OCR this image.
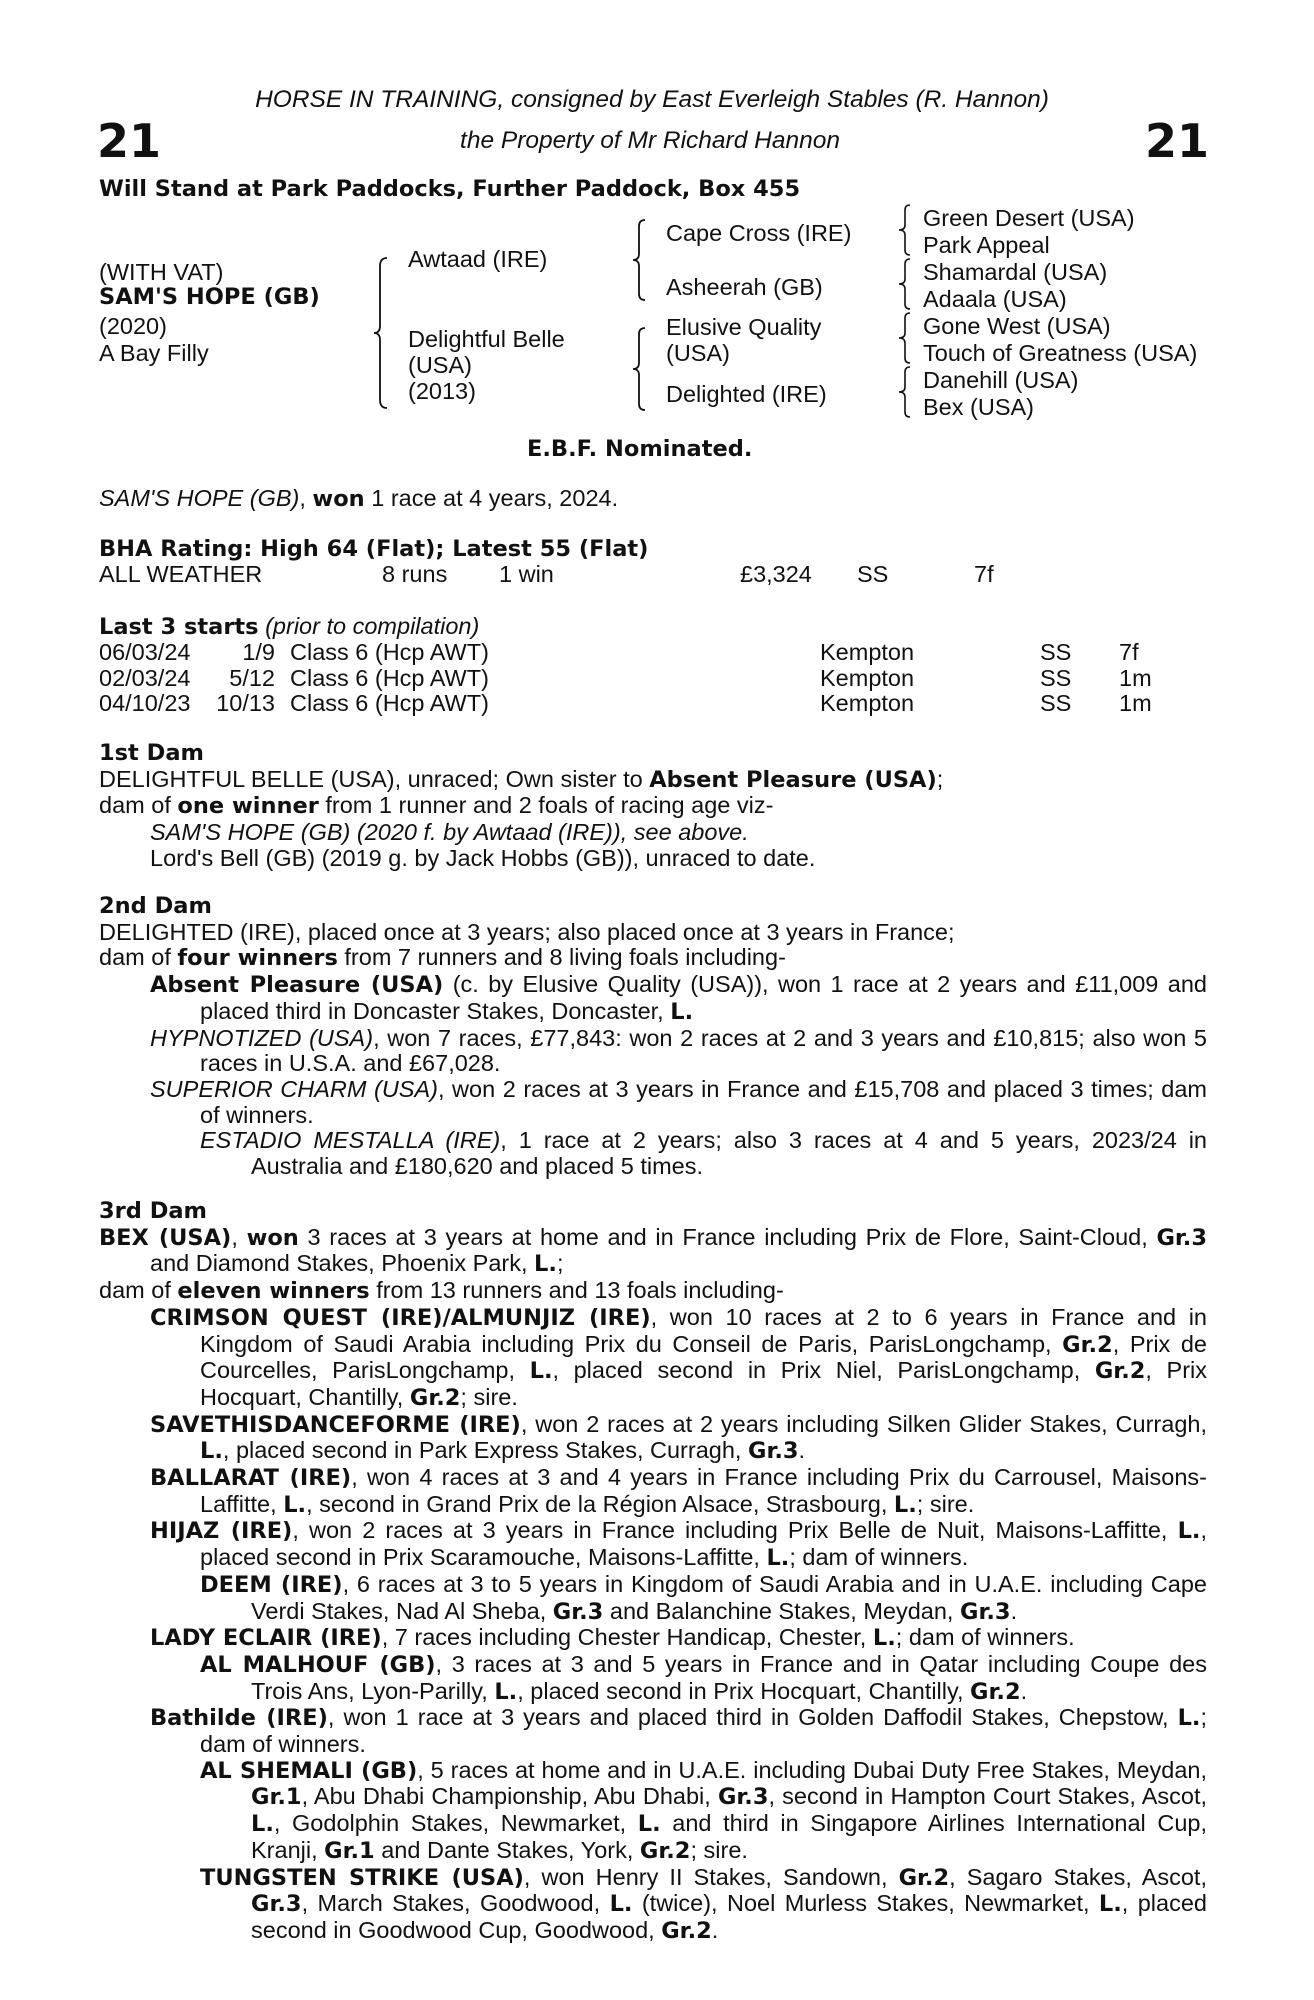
HORSE IN TRAINING, consigned by East Everleigh Stables (R. Hannon)
21	21
the Property of Mr Richard Hannon
Will Stand at Park Paddocks, Further Paddock, Box 455
(WITH VAT)
SAM'S HOPE (GB)
(2020)
A Bay Filly
Awtaad (IRE)
Delightful Belle
(USA)
(2013)
Cape Cross (IRE)
Asheerah (GB)
Elusive Quality
(USA)
Delighted (IRE)
Green Desert (USA)
Park Appeal
Shamardal (USA)
Adaala (USA)
Gone West (USA)
Touch of Greatness (USA)
Danehill (USA)
Bex (USA)
E.B.F. Nominated.
SAM'S HOPE (GB), won 1 race at 4 years, 2024.
BHA Rating: High 64 (Flat); Latest 55 (Flat)
ALL WEATHER	8 runs 1 win	£3,324 SS	7f
Last 3 starts (prior to compilation)
06/03/24	1/9 Class 6 (Hcp AWT)	Kempton	SS 7f
02/03/24	5/12 Class 6 (Hcp AWT)	Kempton	SS 1m
04/10/23	10/13 Class 6 (Hcp AWT)	Kempton	SS 1m
1st Dam
DELIGHTFUL BELLE (USA), unraced; Own sister to Absent Pleasure (USA);
dam of one winner from 1 runner and 2 foals of racing age viz-
SAM'S HOPE (GB) (2020 f. by Awtaad (IRE)), see above.
Lord's Bell (GB) (2019 g. by Jack Hobbs (GB)), unraced to date.
2nd Dam
DELIGHTED (IRE), placed once at 3 years; also placed once at 3 years in France;
dam of four winners from 7 runners and 8 living foals including-
Absent Pleasure (USA) (c. by Elusive Quality (USA)), won 1 race at 2 years and £11,009 and placed third in Doncaster Stakes, Doncaster, L.
HYPNOTIZED (USA), won 7 races, £77,843: won 2 races at 2 and 3 years and £10,815; also won 5 races in U.S.A. and £67,028.
SUPERIOR CHARM (USA), won 2 races at 3 years in France and £15,708 and placed 3 times; dam of winners.
ESTADIO MESTALLA (IRE), 1 race at 2 years; also 3 races at 4 and 5 years, 2023/24 in Australia and £180,620 and placed 5 times.
3rd Dam
BEX (USA), won 3 races at 3 years at home and in France including Prix de Flore, Saint-Cloud, Gr.3 and Diamond Stakes, Phoenix Park, L.;
dam of eleven winners from 13 runners and 13 foals including-
CRIMSON QUEST (IRE)/ALMUNJIZ (IRE), won 10 races at 2 to 6 years in France and in Kingdom of Saudi Arabia including Prix du Conseil de Paris, ParisLongchamp, Gr.2, Prix de Courcelles, ParisLongchamp, L., placed second in Prix Niel, ParisLongchamp, Gr.2, Prix Hocquart, Chantilly, Gr.2; sire.
SAVETHISDANCEFORME (IRE), won 2 races at 2 years including Silken Glider Stakes, Curragh, L., placed second in Park Express Stakes, Curragh, Gr.3.
BALLARAT (IRE), won 4 races at 3 and 4 years in France including Prix du Carrousel, Maisons-Laffitte, L., second in Grand Prix de la Région Alsace, Strasbourg, L.; sire.
HIJAZ (IRE), won 2 races at 3 years in France including Prix Belle de Nuit, Maisons-Laffitte, L., placed second in Prix Scaramouche, Maisons-Laffitte, L.; dam of winners.
DEEM (IRE), 6 races at 3 to 5 years in Kingdom of Saudi Arabia and in U.A.E. including Cape Verdi Stakes, Nad Al Sheba, Gr.3 and Balanchine Stakes, Meydan, Gr.3.
LADY ECLAIR (IRE), 7 races including Chester Handicap, Chester, L.; dam of winners.
AL MALHOUF (GB), 3 races at 3 and 5 years in France and in Qatar including Coupe des Trois Ans, Lyon-Parilly, L., placed second in Prix Hocquart, Chantilly, Gr.2.
Bathilde (IRE), won 1 race at 3 years and placed third in Golden Daffodil Stakes, Chepstow, L.; dam of winners.
AL SHEMALI (GB), 5 races at home and in U.A.E. including Dubai Duty Free Stakes, Meydan, Gr.1, Abu Dhabi Championship, Abu Dhabi, Gr.3, second in Hampton Court Stakes, Ascot, L., Godolphin Stakes, Newmarket, L. and third in Singapore Airlines International Cup, Kranji, Gr.1 and Dante Stakes, York, Gr.2; sire.
TUNGSTEN STRIKE (USA), won Henry II Stakes, Sandown, Gr.2, Sagaro Stakes, Ascot, Gr.3, March Stakes, Goodwood, L. (twice), Noel Murless Stakes, Newmarket, L., placed second in Goodwood Cup, Goodwood, Gr.2.
